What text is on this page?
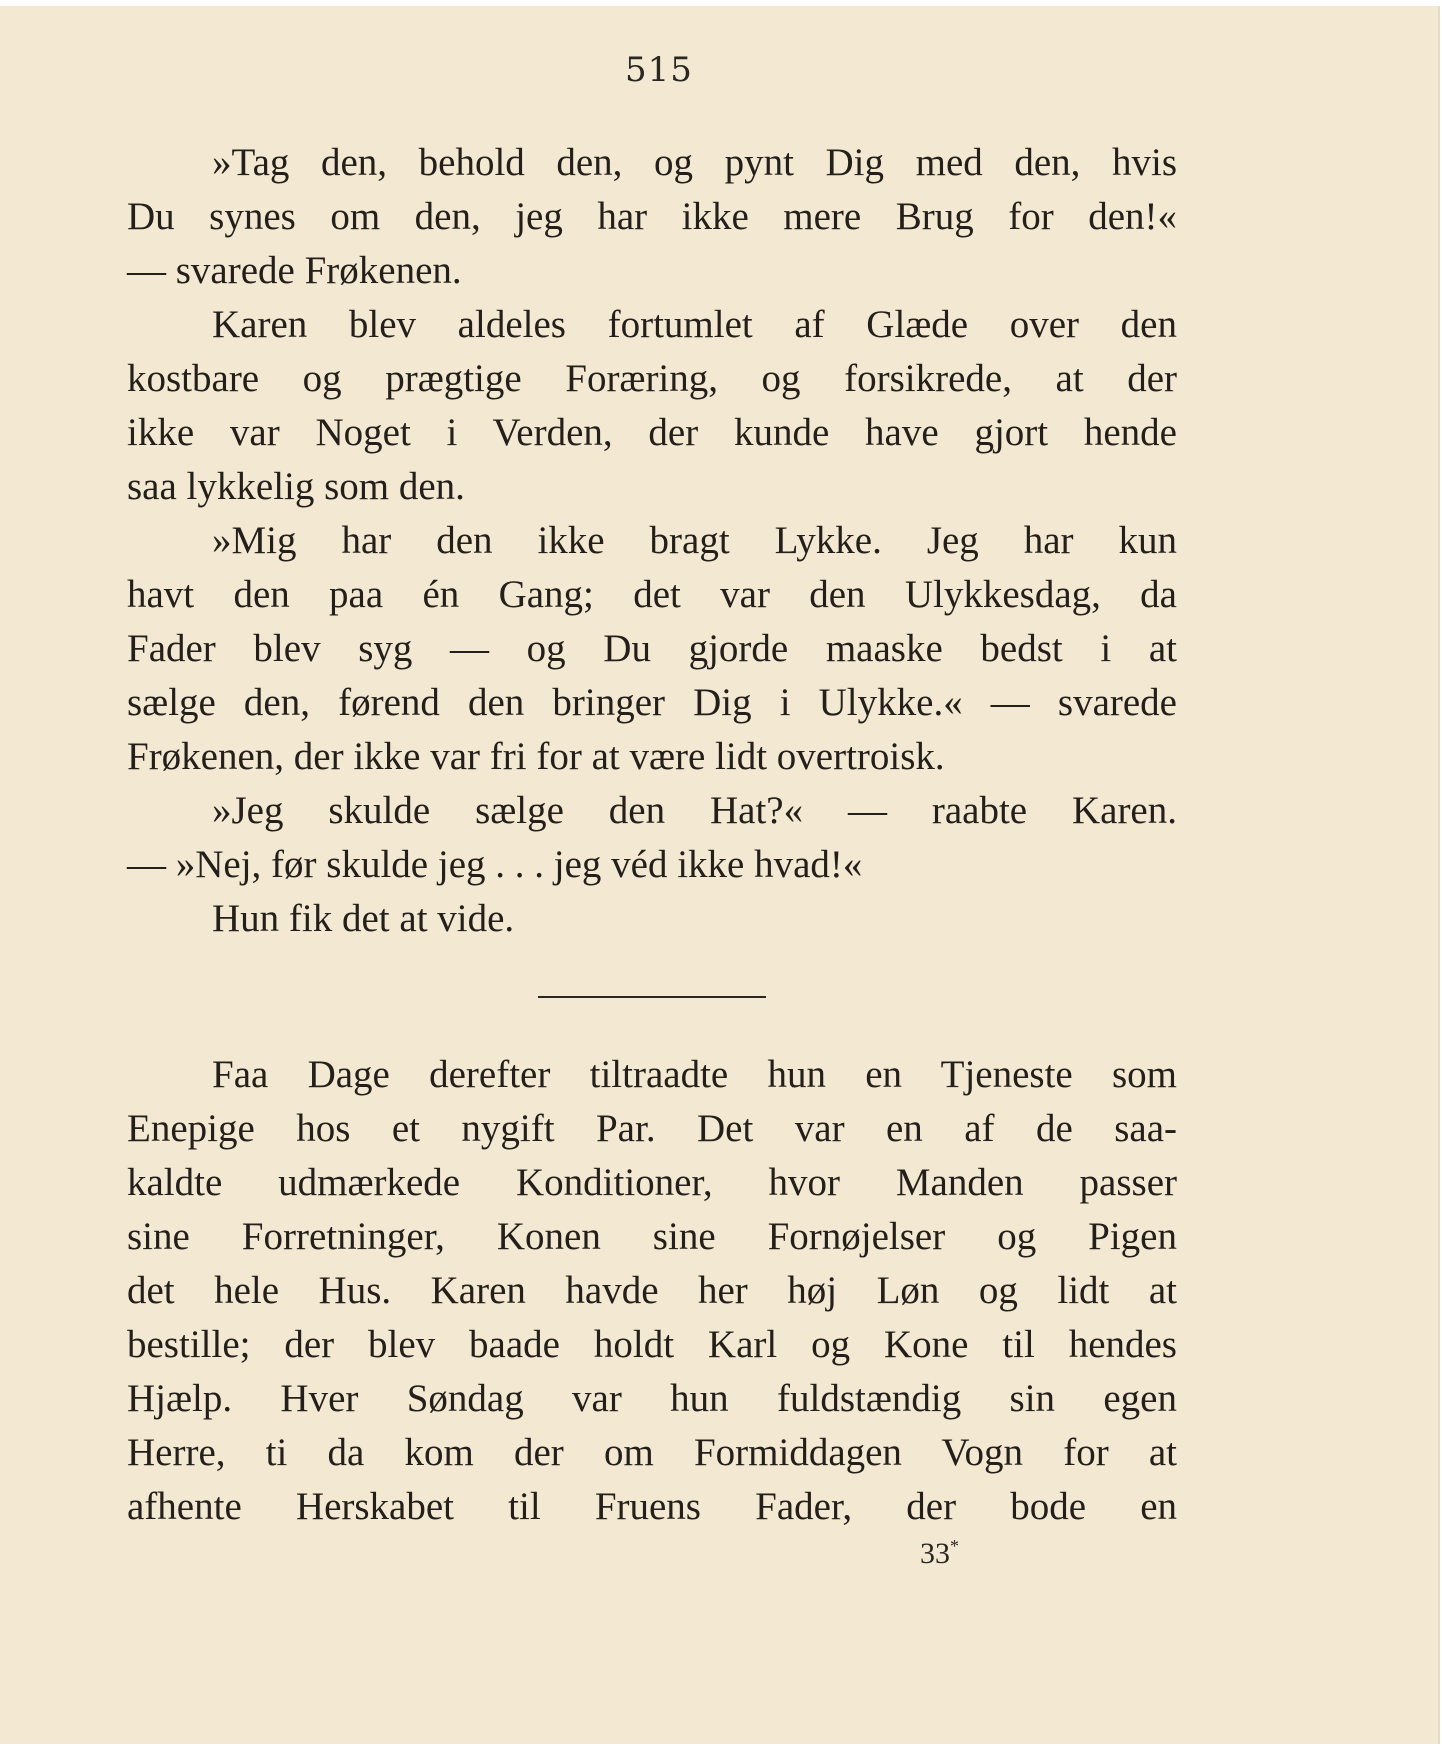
515
»Tag den, behold den, og pynt Dig med den, hvis
Du synes om den, jeg har ikke mere Brug for den!«
— svarede Frøkenen.
Karen blev aldeles fortumlet af Glæde over den
kostbare og prægtige Foræring, og forsikrede, at der
ikke var Noget i Verden, der kunde have gjort hende
saa lykkelig som den.
»Mig har den ikke bragt Lykke. Jeg har kun
havt den paa én Gang; det var den Ulykkesdag, da
Fader blev syg — og Du gjorde maaske bedst i at
sælge den, førend den bringer Dig i Ulykke.« — svarede
Frøkenen, der ikke var fri for at være lidt overtroisk.
»Jeg skulde sælge den Hat?« — raabte Karen.
— »Nej, før skulde jeg . . . jeg véd ikke hvad!«
Hun fik det at vide.
Faa Dage derefter tiltraadte hun en Tjeneste som
Enepige hos et nygift Par. Det var en af de saa-
kaldte udmærkede Konditioner, hvor Manden passer
sine Forretninger, Konen sine Fornøjelser og Pigen
det hele Hus. Karen havde her høj Løn og lidt at
bestille; der blev baade holdt Karl og Kone til hendes
Hjælp. Hver Søndag var hun fuldstændig sin egen
Herre, ti da kom der om Formiddagen Vogn for at
afhente Herskabet til Fruens Fader, der bode en
33*
